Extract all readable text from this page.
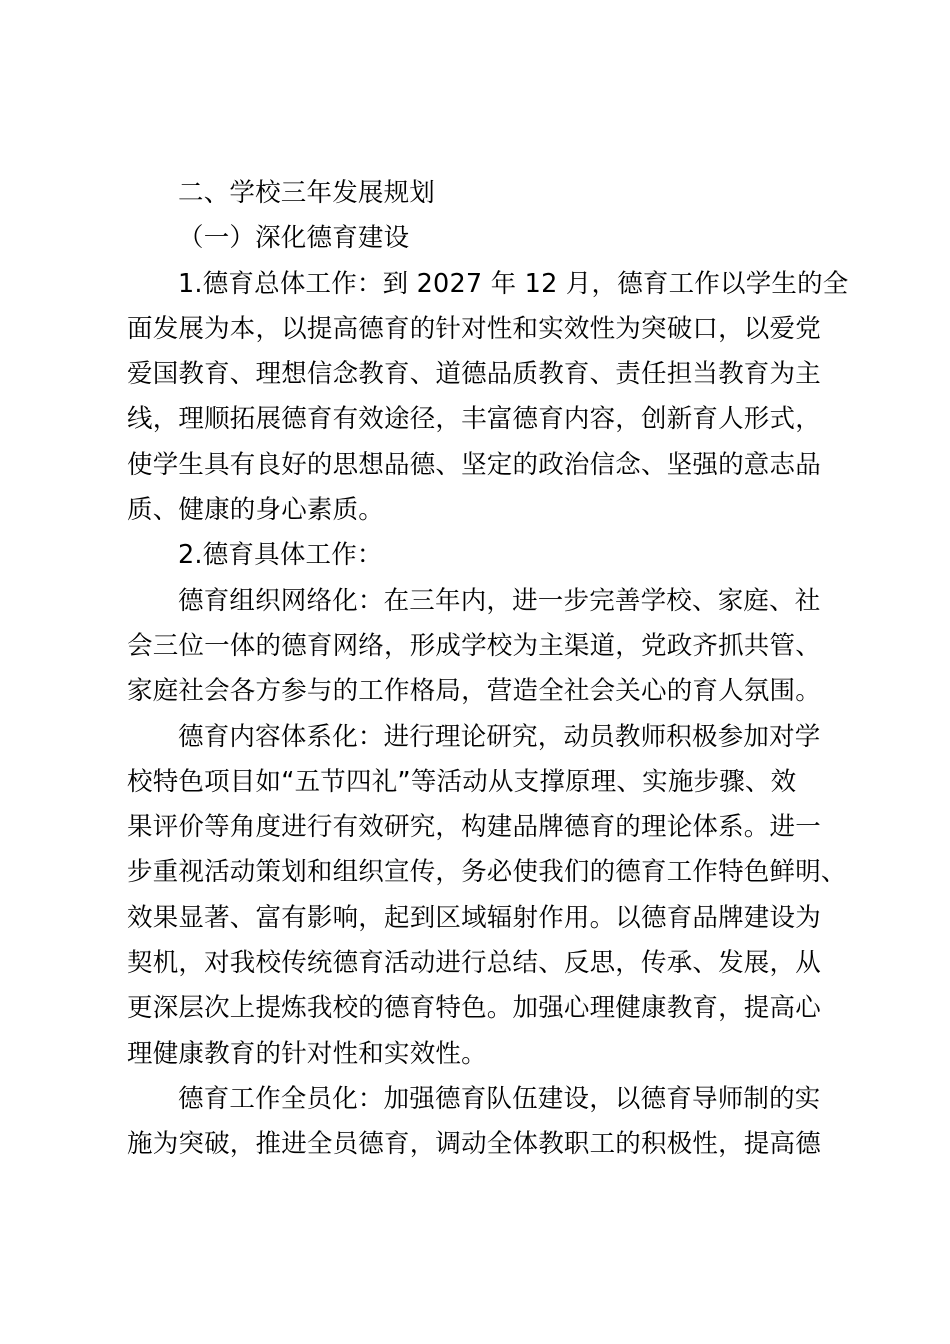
二、学校三年发展规划
（一）深化德育建设
1.德育总体工作：到 2027 年 12 月，德育工作以学生的全
面发展为本，以提高德育的针对性和实效性为突破口，以爱党
爱国教育、理想信念教育、道德品质教育、责任担当教育为主
线，理顺拓展德育有效途径，丰富德育内容，创新育人形式，
使学生具有良好的思想品德、坚定的政治信念、坚强的意志品
质、健康的身心素质。
2.德育具体工作：
德育组织网络化：在三年内，进一步完善学校、家庭、社
会三位一体的德育网络，形成学校为主渠道，党政齐抓共管、
家庭社会各方参与的工作格局，营造全社会关心的育人氛围。
德育内容体系化：进行理论研究，动员教师积极参加对学
校特色项目如“五节四礼”等活动从支撑原理、实施步骤、效
果评价等角度进行有效研究，构建品牌德育的理论体系。进一
步重视活动策划和组织宣传，务必使我们的德育工作特色鲜明、
效果显著、富有影响，起到区域辐射作用。以德育品牌建设为
契机，对我校传统德育活动进行总结、反思，传承、发展，从
更深层次上提炼我校的德育特色。加强心理健康教育，提高心
理健康教育的针对性和实效性。
德育工作全员化：加强德育队伍建设，以德育导师制的实
施为突破，推进全员德育，调动全体教职工的积极性，提高德
